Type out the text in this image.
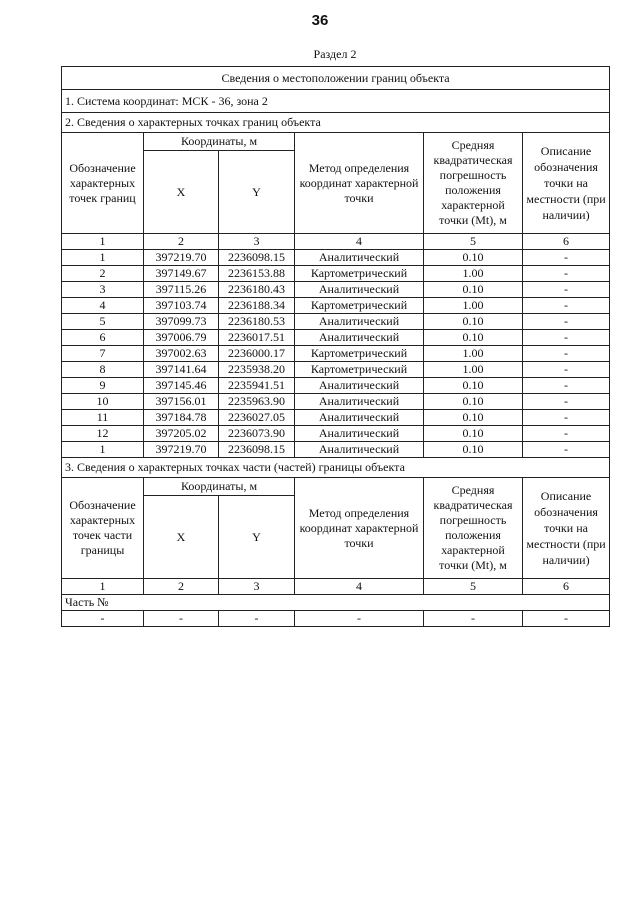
36
Раздел 2
Сведения о местоположении границ объекта					
1. Система координат: МСК - 36, зона 2					
2. Сведения о характерных точках границ объекта					
Обозначение характерных точек границ	Координаты, м		Метод определения координат характерной точки	Средняя квадратическая погрешность положения характерной точки (Mt), м	Описание обозначения точки на местности (при наличии)
	X	Y			
1	2	3	4	5	6
1	397219.70	2236098.15	Аналитический	0.10	-
2	397149.67	2236153.88	Картометрический	1.00	-
3	397115.26	2236180.43	Аналитический	0.10	-
4	397103.74	2236188.34	Картометрический	1.00	-
5	397099.73	2236180.53	Аналитический	0.10	-
6	397006.79	2236017.51	Аналитический	0.10	-
7	397002.63	2236000.17	Картометрический	1.00	-
8	397141.64	2235938.20	Картометрический	1.00	-
9	397145.46	2235941.51	Аналитический	0.10	-
10	397156.01	2235963.90	Аналитический	0.10	-
11	397184.78	2236027.05	Аналитический	0.10	-
12	397205.02	2236073.90	Аналитический	0.10	-
1	397219.70	2236098.15	Аналитический	0.10	-
3. Сведения о характерных точках части (частей) границы объекта					
Обозначение характерных точек части границы	Координаты, м		Метод определения координат характерной точки	Средняя квадратическая погрешность положения характерной точки (Mt), м	Описание обозначения точки на местности (при наличии)
	X	Y			
1	2	3	4	5	6
Часть №					
-	-	-	-	-	-
